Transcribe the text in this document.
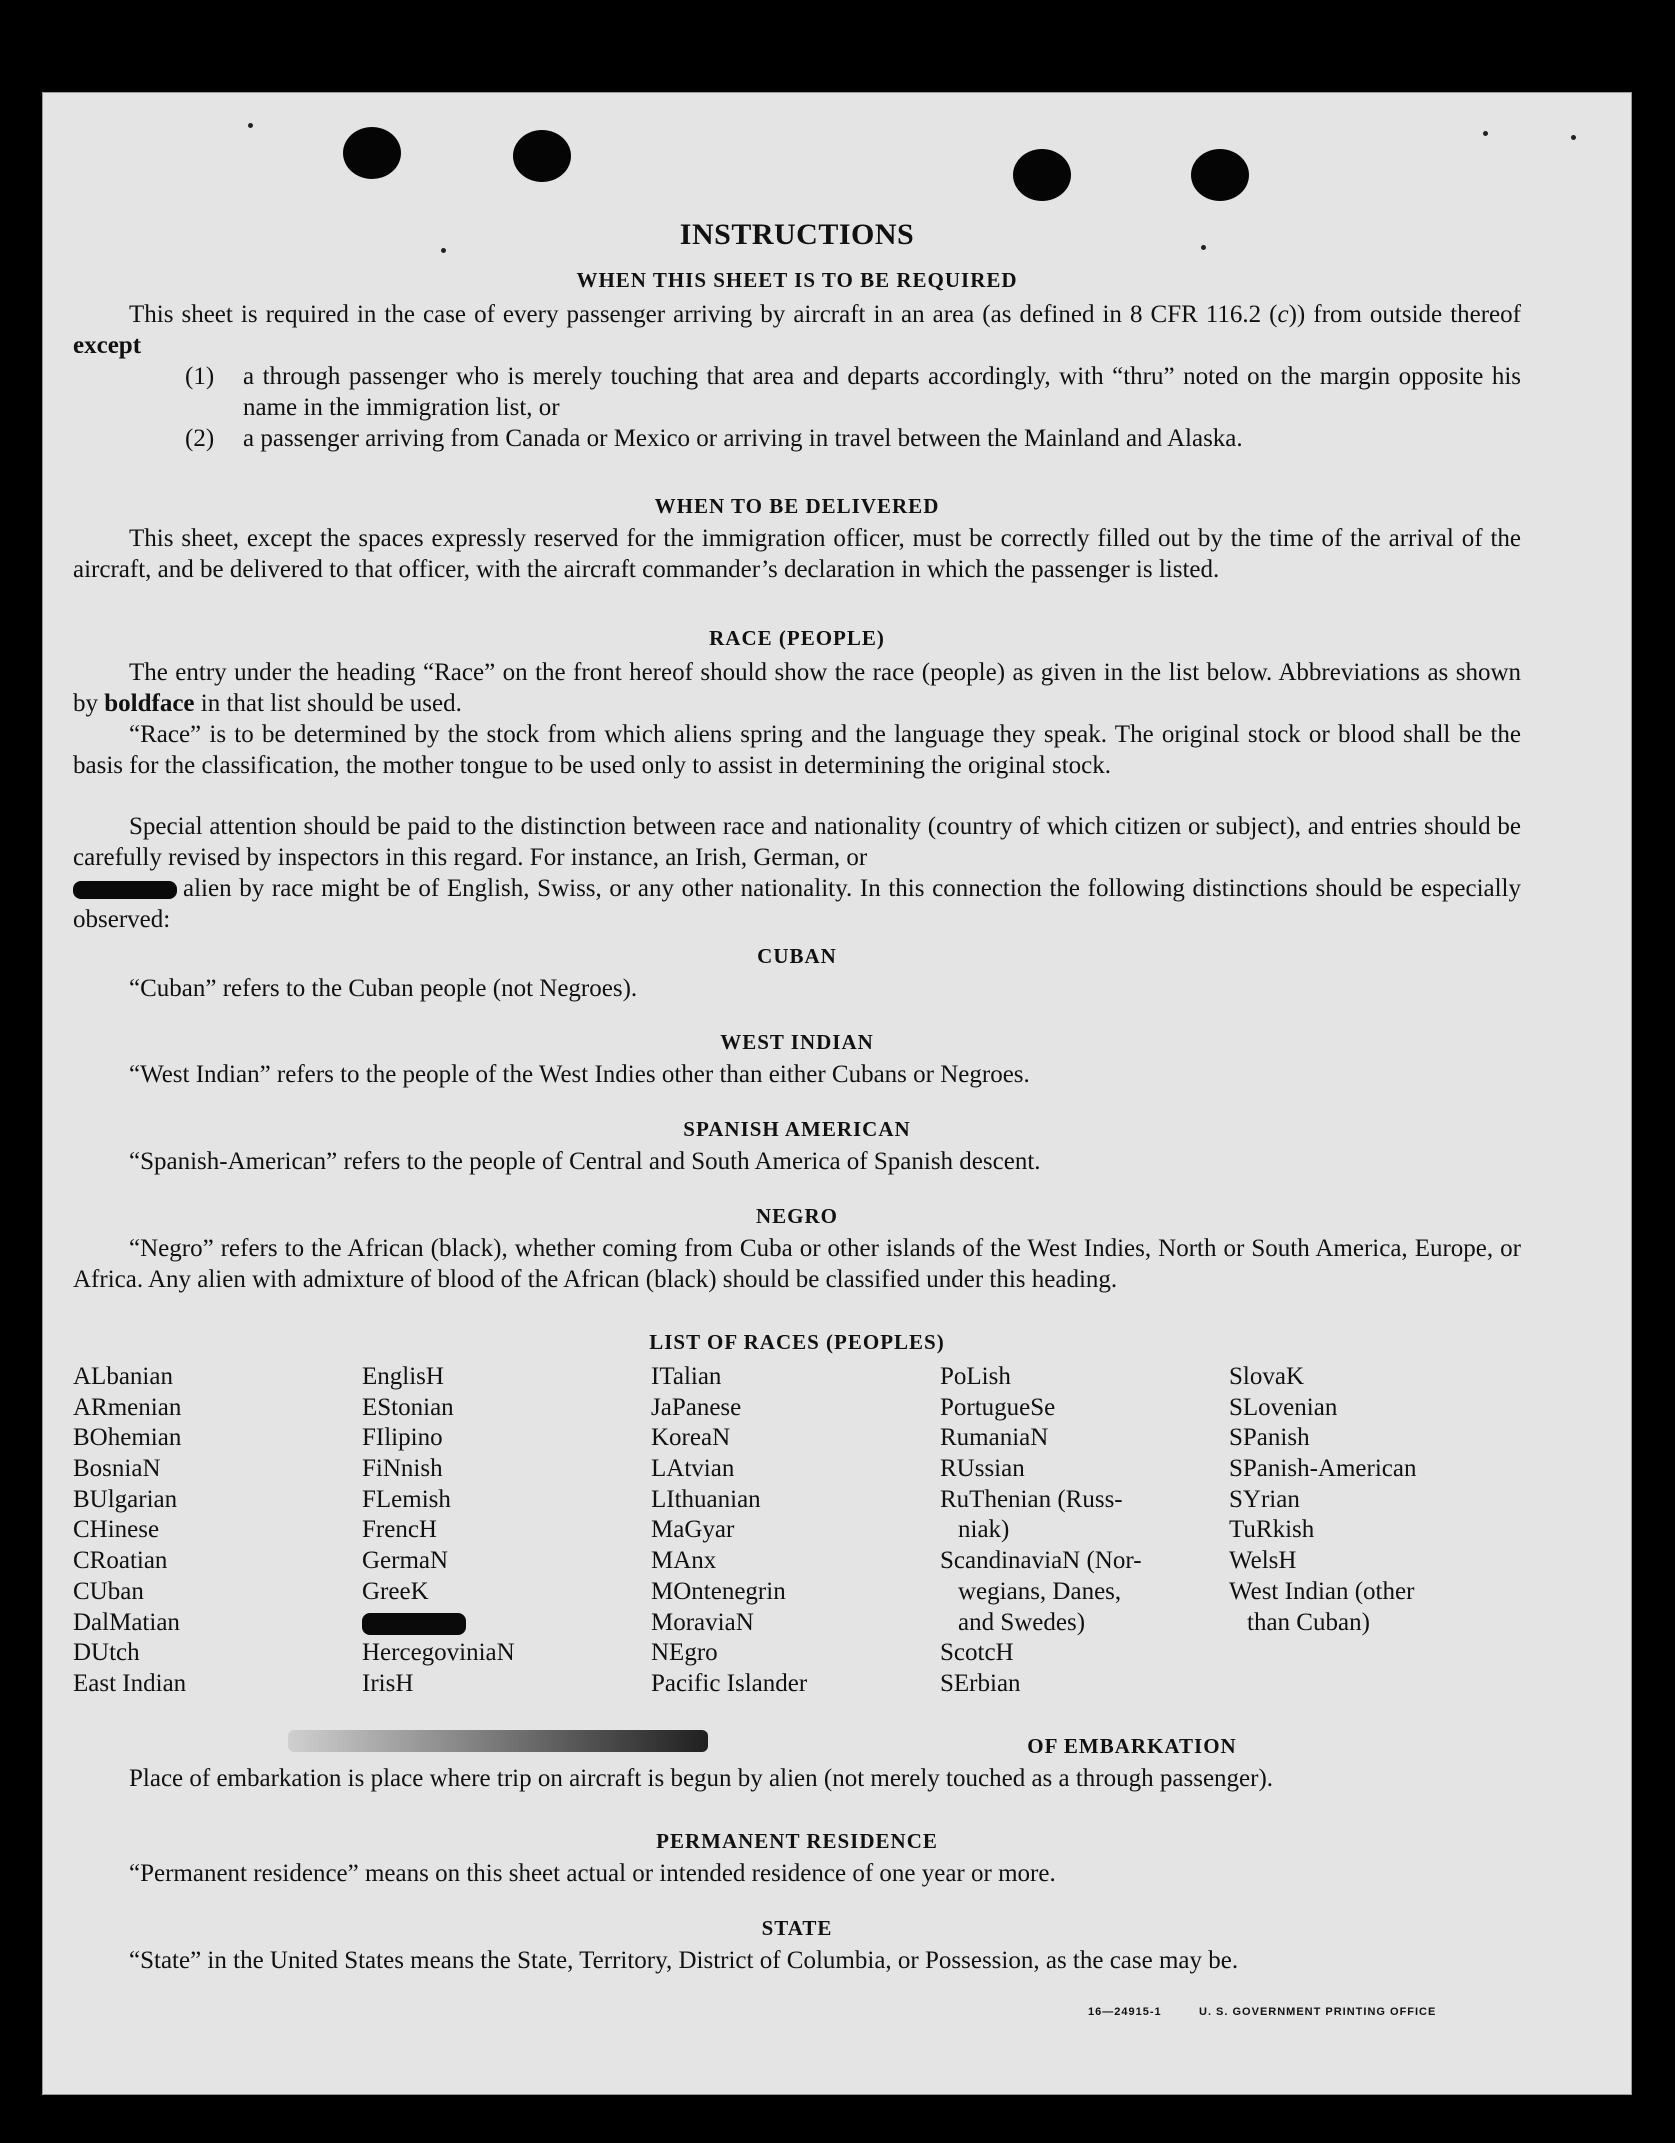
INSTRUCTIONS
WHEN THIS SHEET IS TO BE REQUIRED
This sheet is required in the case of every passenger arriving by aircraft in an area (as defined in 8 CFR 116.2 (c)) from outside thereof except
(1) a through passenger who is merely touching that area and departs accordingly, with “thru” noted on the margin opposite his name in the immigration list, or
(2) a passenger arriving from Canada or Mexico or arriving in travel between the Mainland and Alaska.
WHEN TO BE DELIVERED
This sheet, except the spaces expressly reserved for the immigration officer, must be correctly filled out by the time of the arrival of the aircraft, and be delivered to that officer, with the aircraft commander’s declaration in which the passenger is listed.
RACE (PEOPLE)
The entry under the heading “Race” on the front hereof should show the race (people) as given in the list below. Abbreviations as shown by boldface in that list should be used.
“Race” is to be determined by the stock from which aliens spring and the language they speak. The original stock or blood shall be the basis for the classification, the mother tongue to be used only to assist in determining the original stock.
Special attention should be paid to the distinction between race and nationality (country of which citizen or subject), and entries should be carefully revised by inspectors in this regard. For instance, an Irish, German, or
alien by race might be of English, Swiss, or any other nationality. In this connection the following distinctions should be especially observed:
CUBAN
“Cuban” refers to the Cuban people (not Negroes).
WEST INDIAN
“West Indian” refers to the people of the West Indies other than either Cubans or Negroes.
SPANISH AMERICAN
“Spanish-American” refers to the people of Central and South America of Spanish descent.
NEGRO
“Negro” refers to the African (black), whether coming from Cuba or other islands of the West Indies, North or South America, Europe, or Africa. Any alien with admixture of blood of the African (black) should be classified under this heading.
LIST OF RACES (PEOPLES)
ALbanian
ARmenian
BOhemian
BosniaN
BUlgarian
CHinese
CRoatian
CUban
DalMatian
DUtch
East Indian
EnglisH
EStonian
FIlipino
FiNnish
FLemish
FrencH
GermaN
GreeK
HercegoviniaN
IrisH
ITalian
JaPanese
KoreaN
LAtvian
LIthuanian
MaGyar
MAnx
MOntenegrin
MoraviaN
NEgro
Pacific Islander
PoLish
PortugueSe
RumaniaN
RUssian
RuThenian (Russ-
niak)
ScandinaviaN (Nor-
wegians, Danes,
and Swedes)
ScotcH
SErbian
SlovaK
SLovenian
SPanish
SPanish-American
SYrian
TuRkish
WelsH
West Indian (other
than Cuban)
OF EMBARKATION
Place of embarkation is place where trip on aircraft is begun by alien (not merely touched as a through passenger).
PERMANENT RESIDENCE
“Permanent residence” means on this sheet actual or intended residence of one year or more.
STATE
“State” in the United States means the State, Territory, District of Columbia, or Possession, as the case may be.
16—24915-1	U. S. GOVERNMENT PRINTING OFFICE
